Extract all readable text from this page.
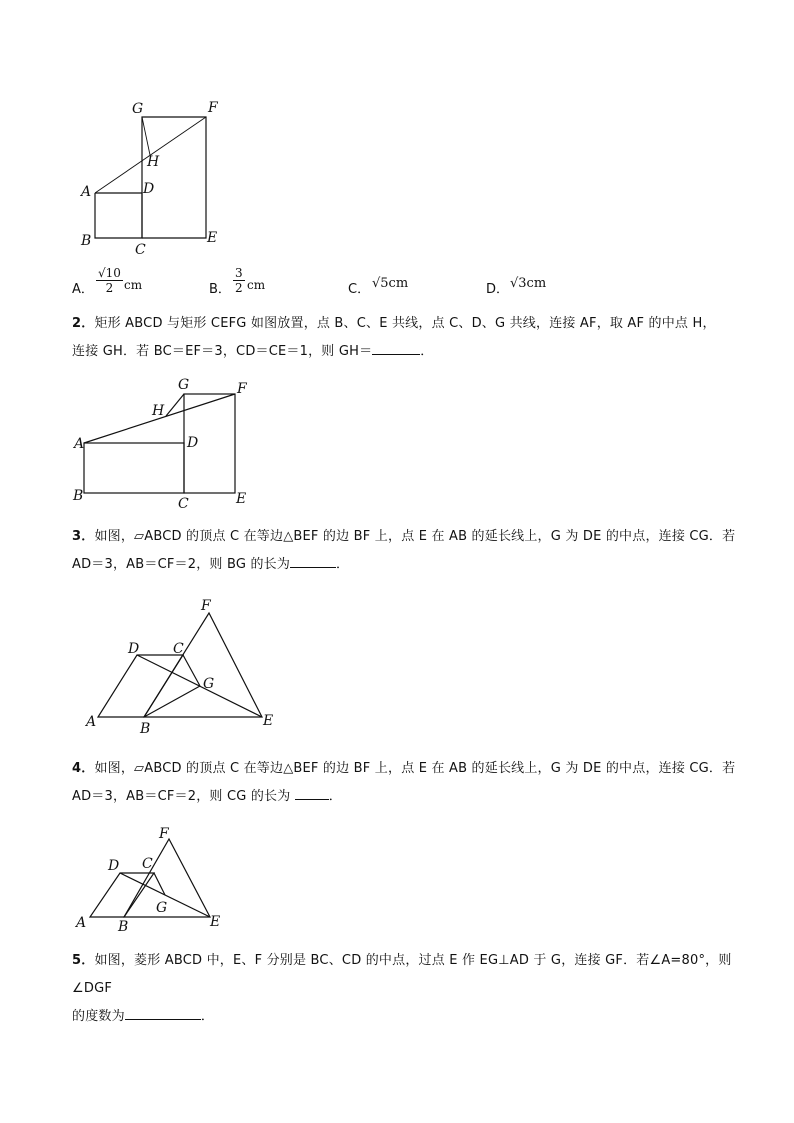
G	F
H
A	D
B
C
E
A． $\frac{√10}{2}$ cm	B． $\frac{3}{2}$ cm	C． √5cm	D． √3cm
2．矩形 ABCD 与矩形 CEFG 如图放置，点 B、C、E 共线，点 C、D、G 共线，连接 AF，取 AF 的中点 H，
连接 GH．若 BC＝EF＝3，CD＝CE＝1，则 GH＝	．
G	F
H
A	D
B	C	E
3．如图，▱ABCD 的顶点 C 在等边△BEF 的边 BF 上，点 E 在 AB 的延长线上，G 为 DE 的中点，连接 CG．若
AD＝3，AB＝CF＝2，则 BG 的长为	．
F
D C
G
A	B	E
4．如图，▱ABCD 的顶点 C 在等边△BEF 的边 BF 上，点 E 在 AB 的延长线上，G 为 DE 的中点，连接 CG．若
AD＝3，AB＝CF＝2，则 CG 的长为	．
F
D C
G
A B	E
5．如图，菱形 ABCD 中，E、F 分别是 BC、CD 的中点，过点 E 作 EG⊥AD 于 G，连接 GF．若∠A=80°，则∠DGF
的度数为	．
